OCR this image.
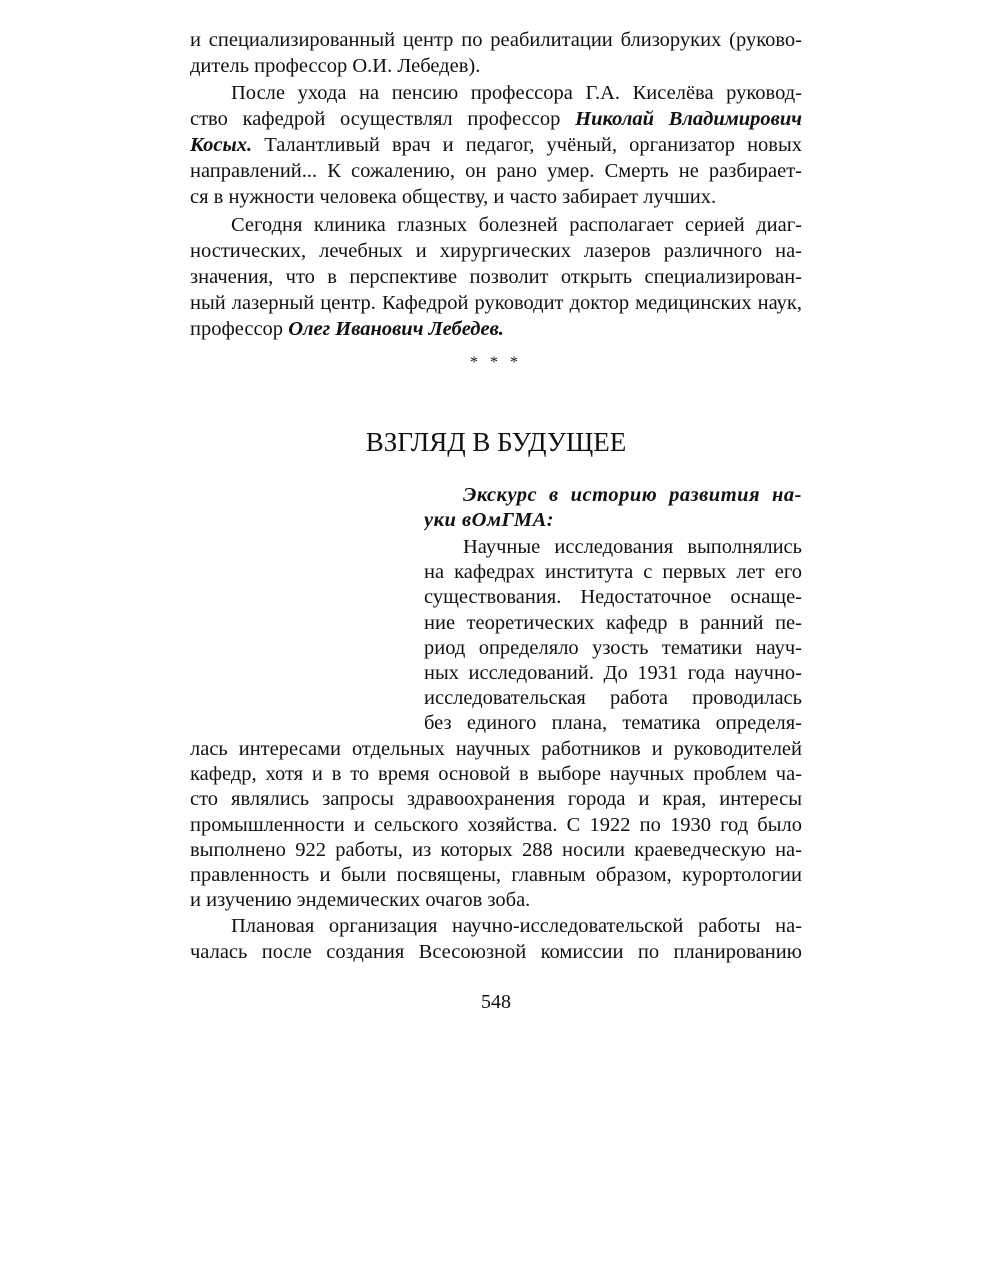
и специализированный центр по реабилитации близоруких (руково-
дитель профессор О.И. Лебедев).
После ухода на пенсию профессора Г.А. Киселёва руковод-
ство кафедрой осуществлял профессор Николай Владимирович
Косых. Талантливый врач и педагог, учёный, организатор новых
направлений... К сожалению, он рано умер. Смерть не разбирает-
ся в нужности человека обществу, и часто забирает лучших.
Сегодня клиника глазных болезней располагает серией диаг-
ностических, лечебных и хирургических лазеров различного на-
значения, что в перспективе позволит открыть специализирован-
ный лазерный центр. Кафедрой руководит доктор медицинских наук,
профессор Олег Иванович Лебедев.
* * *
ВЗГЛЯД В БУДУЩЕЕ
Экскурс в историю развития на-
уки вОмГМА:
Научные исследования выполнялись
на кафедрах института с первых лет его
существования. Недостаточное оснаще-
ние теоретических кафедр в ранний пе-
риод определяло узость тематики науч-
ных исследований. До 1931 года научно-
исследовательская работа проводилась
без единого плана, тематика определя-
лась интересами отдельных научных работников и руководителей
кафедр, хотя и в то время основой в выборе научных проблем ча-
сто являлись запросы здравоохранения города и края, интересы
промышленности и сельского хозяйства. С 1922 по 1930 год было
выполнено 922 работы, из которых 288 носили краеведческую на-
правленность и были посвящены, главным образом, курортологии
и изучению эндемических очагов зоба.
Плановая организация научно-исследовательской работы на-
чалась после создания Всесоюзной комиссии по планированию
548
